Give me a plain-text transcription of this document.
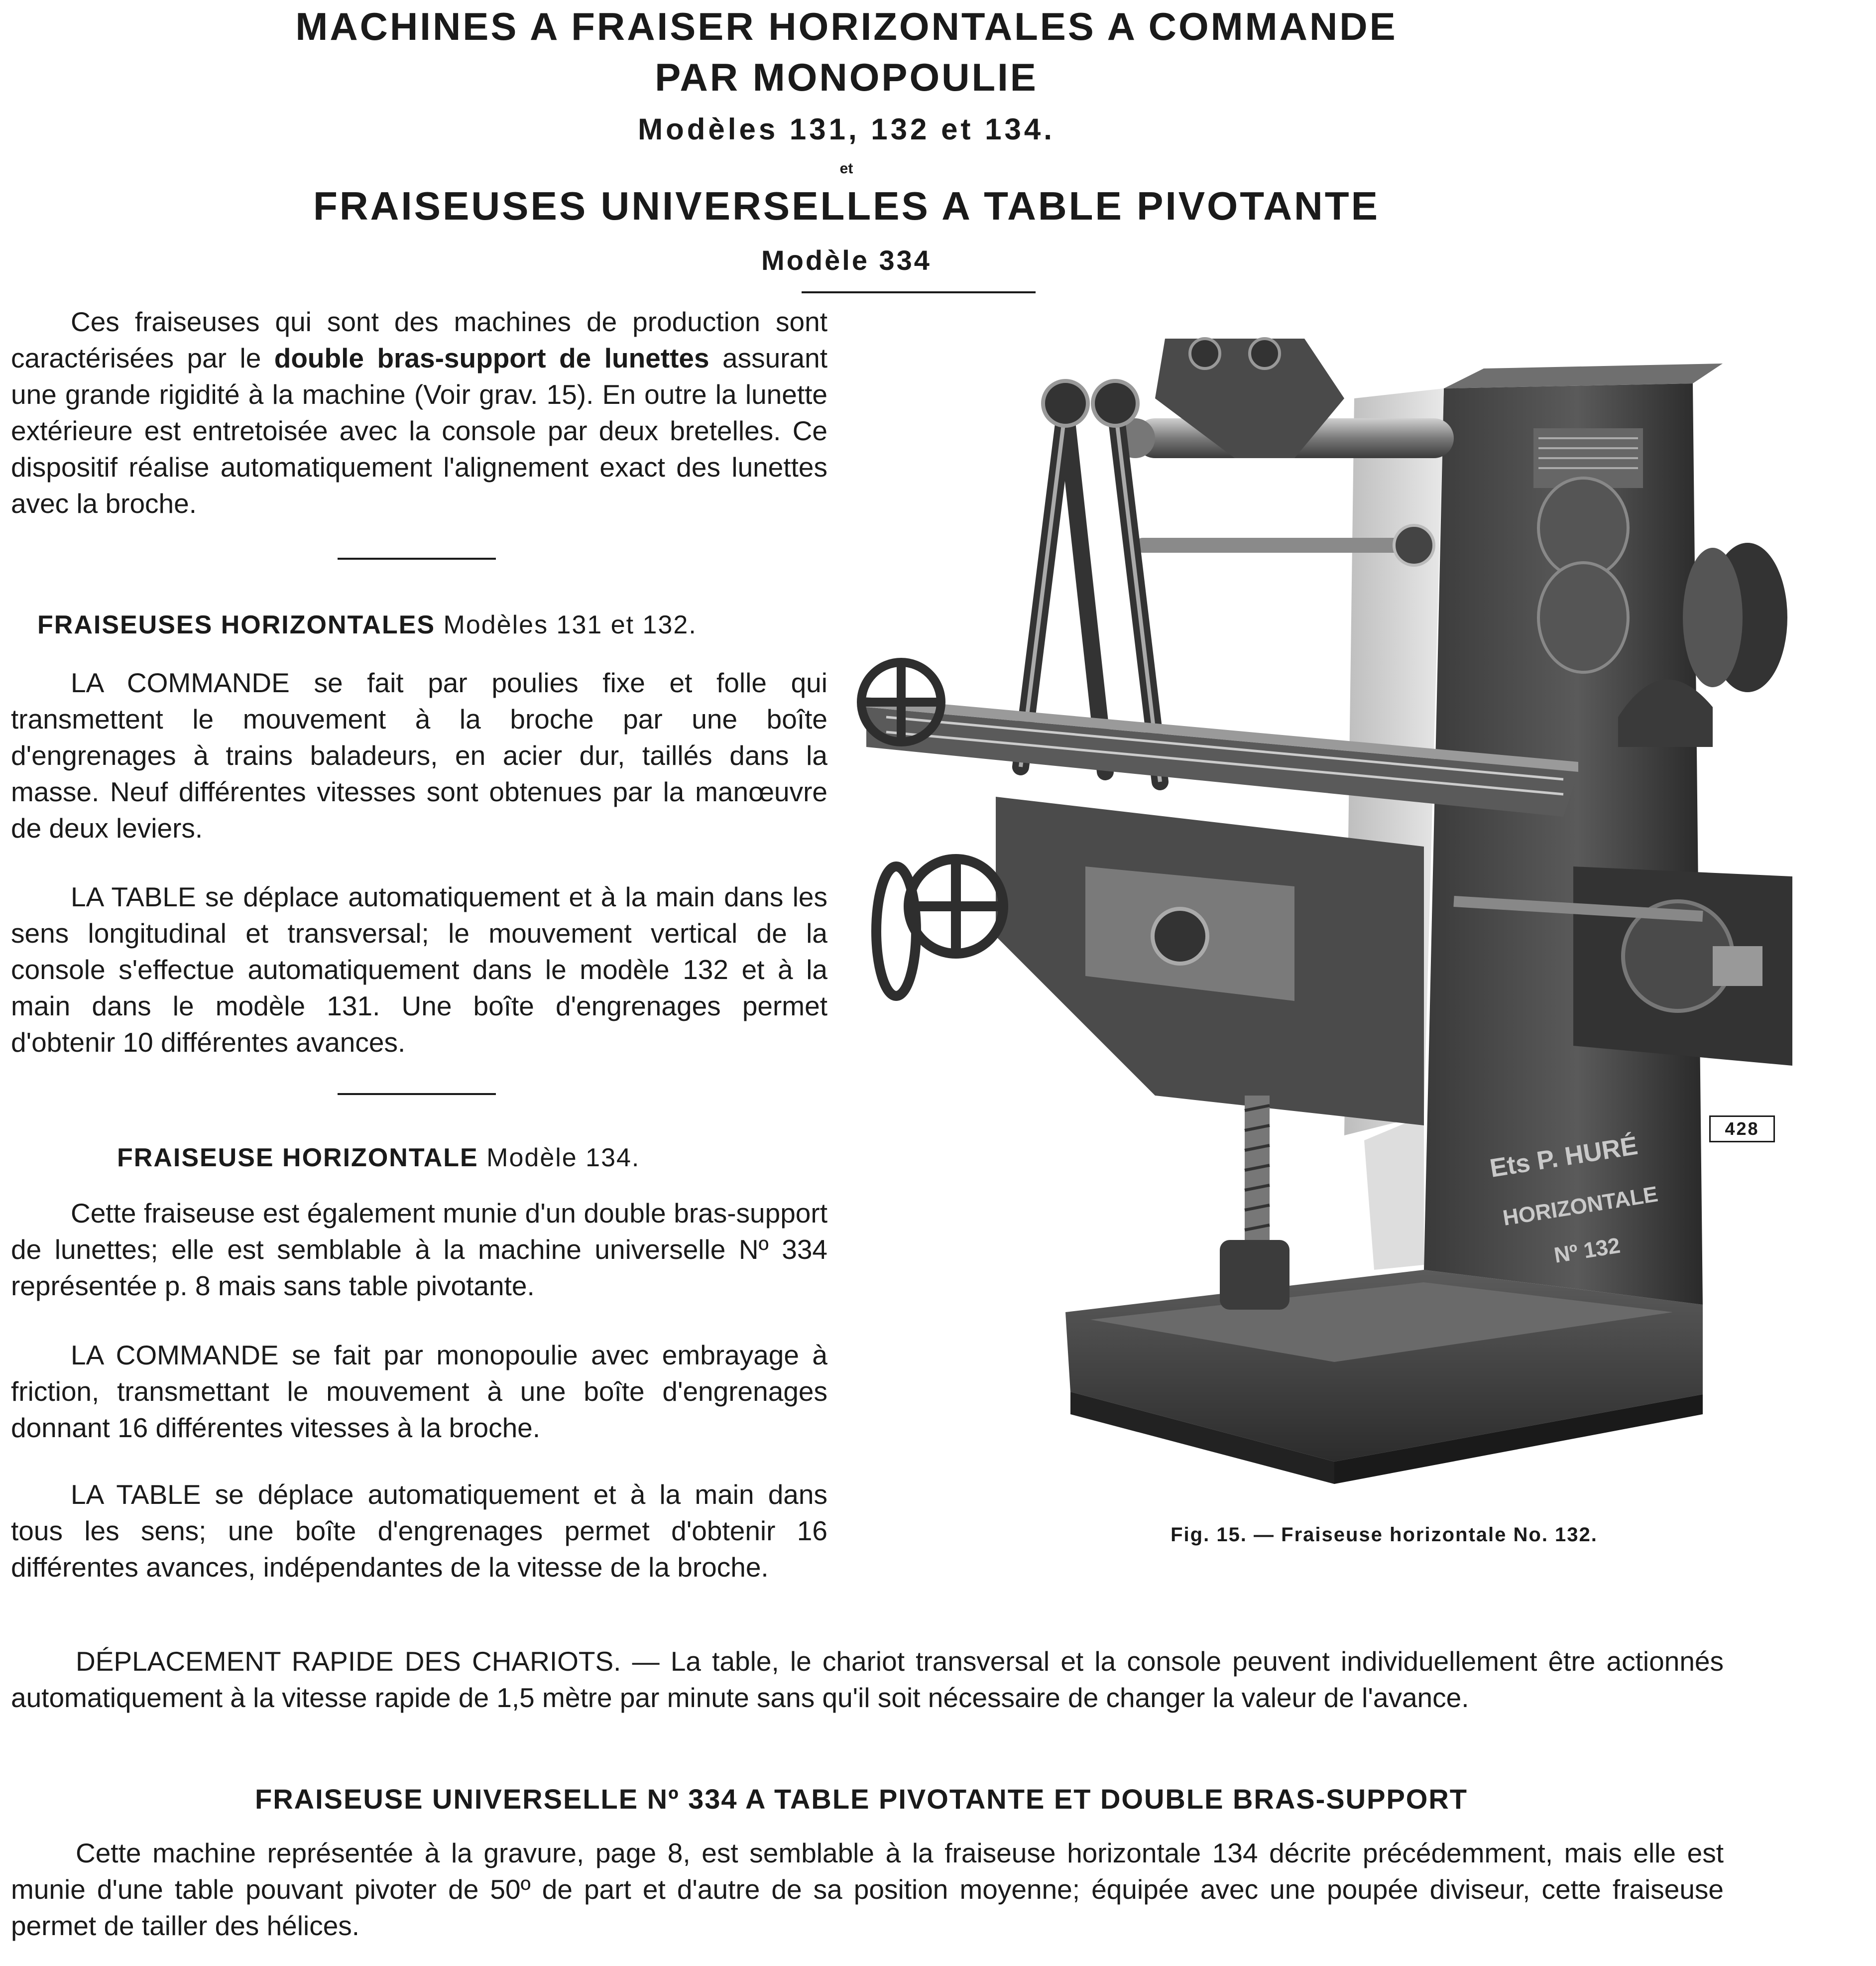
MACHINES A FRAISER HORIZONTALES A COMMANDE
PAR MONOPOULIE
Modèles 131, 132 et 134.
et
FRAISEUSES UNIVERSELLES A TABLE PIVOTANTE
Modèle 334

Ces fraiseuses qui sont des machines de production sont caractérisées par le double bras-support de lunettes assurant une grande rigidité à la machine (Voir grav. 15). En outre la lunette extérieure est entretoisée avec la console par deux bretelles. Ce dispositif réalise automatiquement l'alignement exact des lunettes avec la broche.

FRAISEUSES HORIZONTALES Modèles 131 et 132.

LA COMMANDE se fait par poulies fixe et folle qui transmettent le mouvement à la broche par une boîte d'engrenages à trains baladeurs, en acier dur, taillés dans la masse. Neuf différentes vitesses sont obtenues par la manœuvre de deux leviers.

LA TABLE se déplace automatiquement et à la main dans les sens longitudinal et transversal; le mouvement vertical de la console s'effectue automatiquement dans le modèle 132 et à la main dans le modèle 131. Une boîte d'engrenages permet d'obtenir 10 différentes avances.

FRAISEUSE HORIZONTALE Modèle 134.

Cette fraiseuse est également munie d'un double bras-support de lunettes; elle est semblable à la machine universelle Nº 334 représentée p. 8 mais sans table pivotante.

LA COMMANDE se fait par monopoulie avec embrayage à friction, transmettant le mouvement à une boîte d'engrenages donnant 16 différentes vitesses à la broche.

LA TABLE se déplace automatiquement et à la main dans tous les sens; une boîte d'engrenages permet d'obtenir 16 différentes avances, indépendantes de la vitesse de la broche.

DÉPLACEMENT RAPIDE DES CHARIOTS. — La table, le chariot transversal et la console peuvent individuellement être actionnés automatiquement à la vitesse rapide de 1,5 mètre par minute sans qu'il soit nécessaire de changer la valeur de l'avance.

FRAISEUSE UNIVERSELLE Nº 334 A TABLE PIVOTANTE ET DOUBLE BRAS-SUPPORT

Cette machine représentée à la gravure, page 8, est semblable à la fraiseuse horizontale 134 décrite précédemment, mais elle est munie d'une table pouvant pivoter de 50º de part et d'autre de sa position moyenne; équipée avec une poupée diviseur, cette fraiseuse permet de tailler des hélices.

Ets P. HURÉ
HORIZONTALE
Nº 132
428

Fig. 15. — Fraiseuse horizontale No. 132.
